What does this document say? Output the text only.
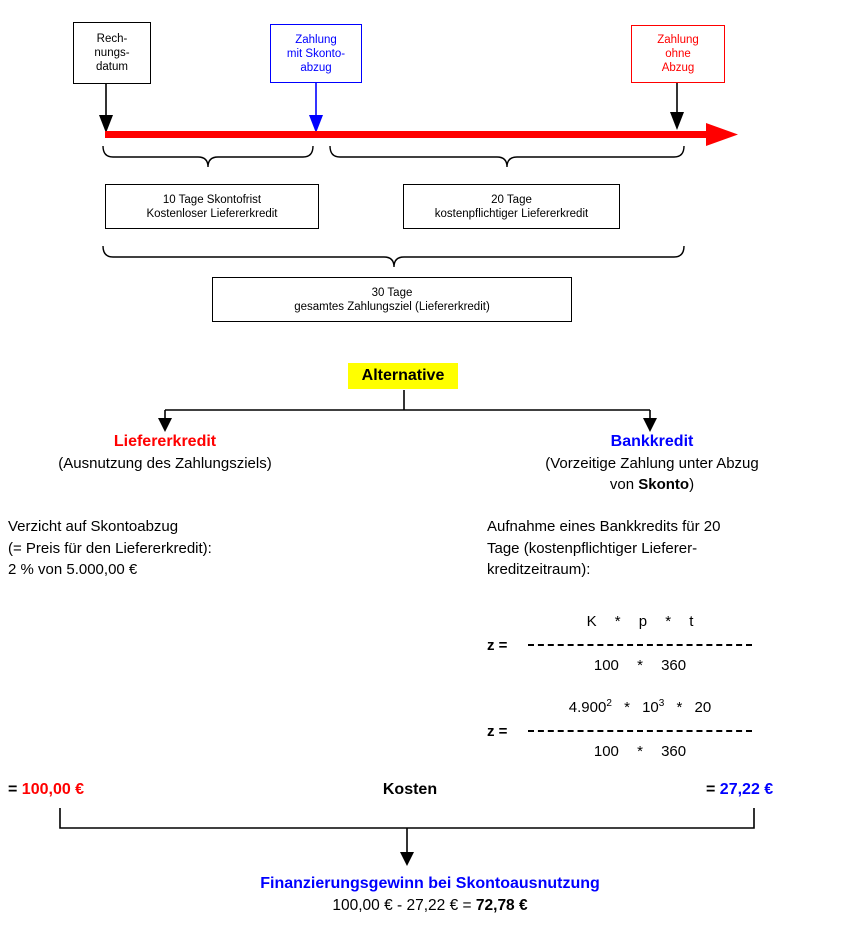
Rech-
nungs-
datum
Zahlung
mit Skonto-
abzug
Zahlung
ohne
Abzug
10 Tage Skontofrist
Kostenloser Liefererkredit
20 Tage
kostenpflichtiger Liefererkredit
30 Tage
gesamtes Zahlungsziel (Liefererkredit)
Alternative
Liefererkredit
(Ausnutzung des Zahlungsziels)
Bankkredit
(Vorzeitige Zahlung unter Abzug
von Skonto)
Verzicht auf Skontoabzug
(= Preis für den Liefererkredit):
2 % von 5.000,00 €
Aufnahme eines Bankkredits für 20
Tage (kostenpflichtiger Lieferer-
kreditzeitraum):
z =
K * p * t
100 * 360
z =
$4.900^2 * 10^3 * 20$
100 * 360
= 100,00 €	Kosten	= 27,22 €
Finanzierungsgewinn bei Skontoausnutzung
100,00 € - 27,22 € = 72,78 €
